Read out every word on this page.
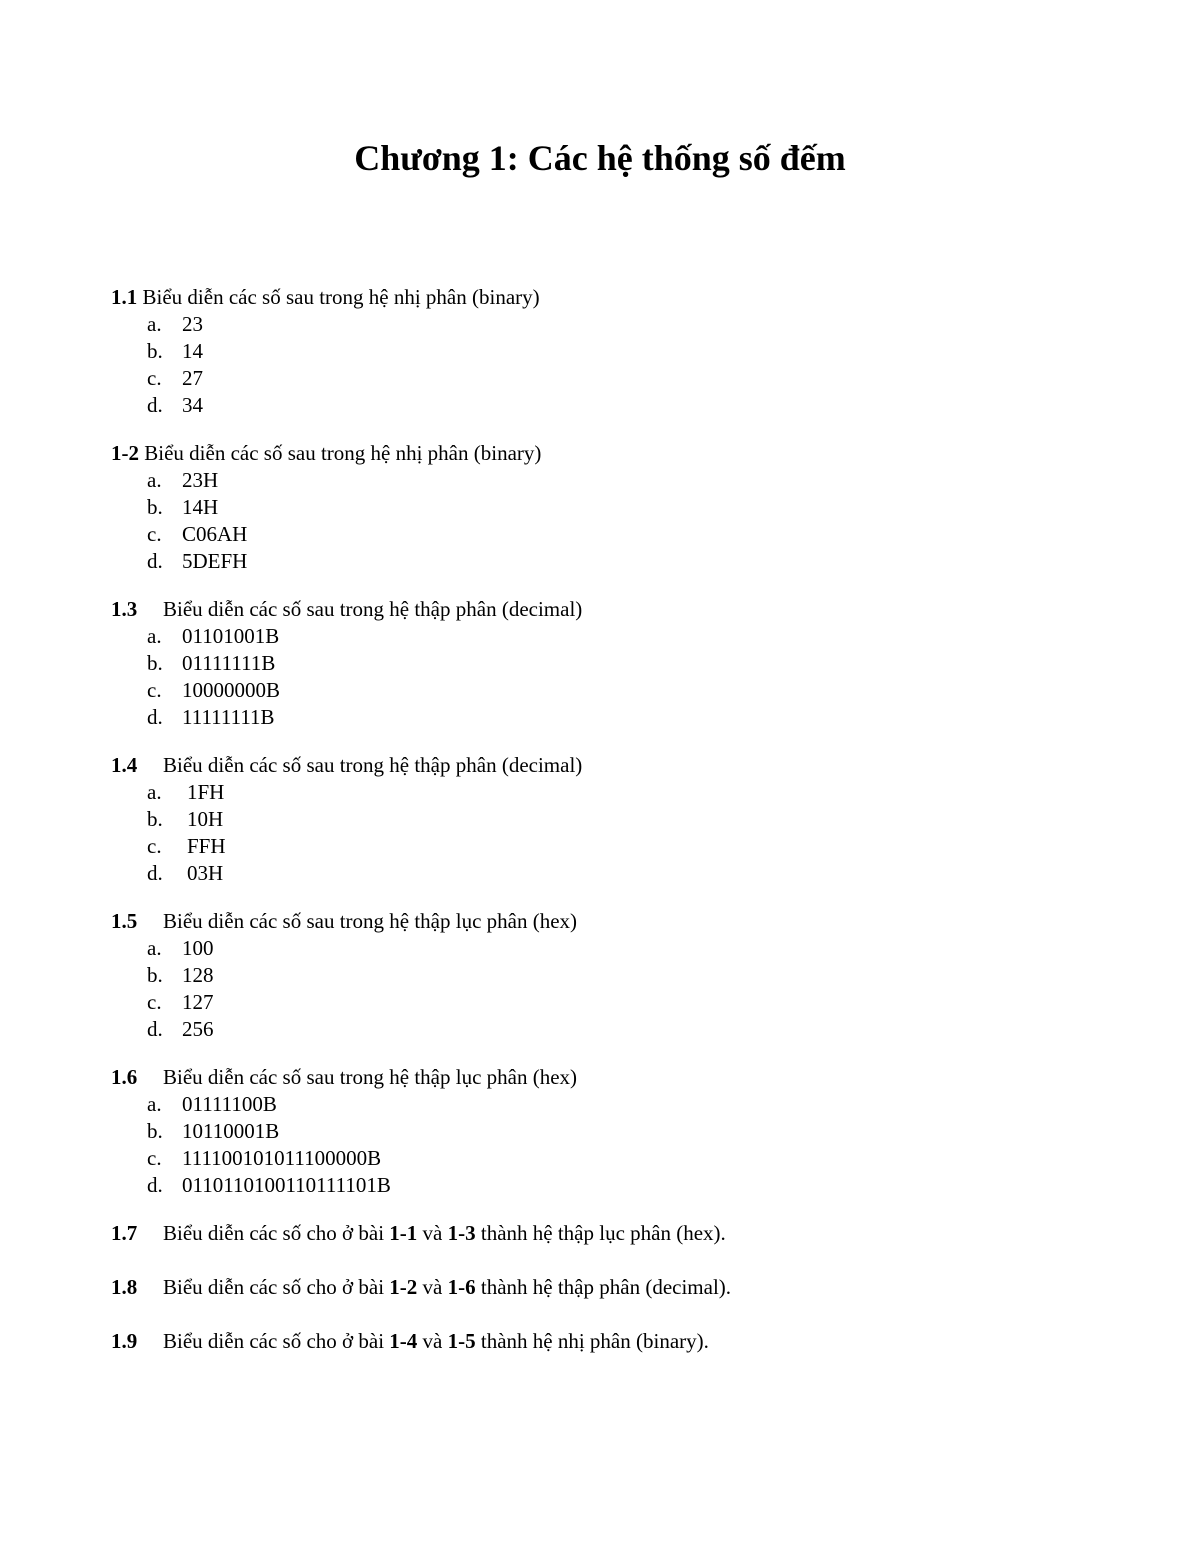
Chương 1: Các hệ thống số đếm
1.1 Biểu diễn các số sau trong hệ nhị phân (binary)
a. 23
b. 14
c. 27
d. 34
1-2 Biểu diễn các số sau trong hệ nhị phân (binary)
a. 23H
b. 14H
c. C06AH
d. 5DEFH
1.3 Biểu diễn các số sau trong hệ thập phân (decimal)
a. 01101001B
b. 01111111B
c. 10000000B
d. 11111111B
1.4 Biểu diễn các số sau trong hệ thập phân (decimal)
a. 1FH
b. 10H
c. FFH
d. 03H
1.5 Biểu diễn các số sau trong hệ thập lục phân (hex)
a. 100
b. 128
c. 127
d. 256
1.6 Biểu diễn các số sau trong hệ thập lục phân (hex)
a. 01111100B
b. 10110001B
c. 111100101011100000B
d. 0110110100110111101B
1.7 Biểu diễn các số cho ở bài 1-1 và 1-3 thành hệ thập lục phân (hex).
1.8 Biểu diễn các số cho ở bài 1-2 và 1-6 thành hệ thập phân (decimal).
1.9 Biểu diễn các số cho ở bài 1-4 và 1-5 thành hệ nhị phân (binary).
